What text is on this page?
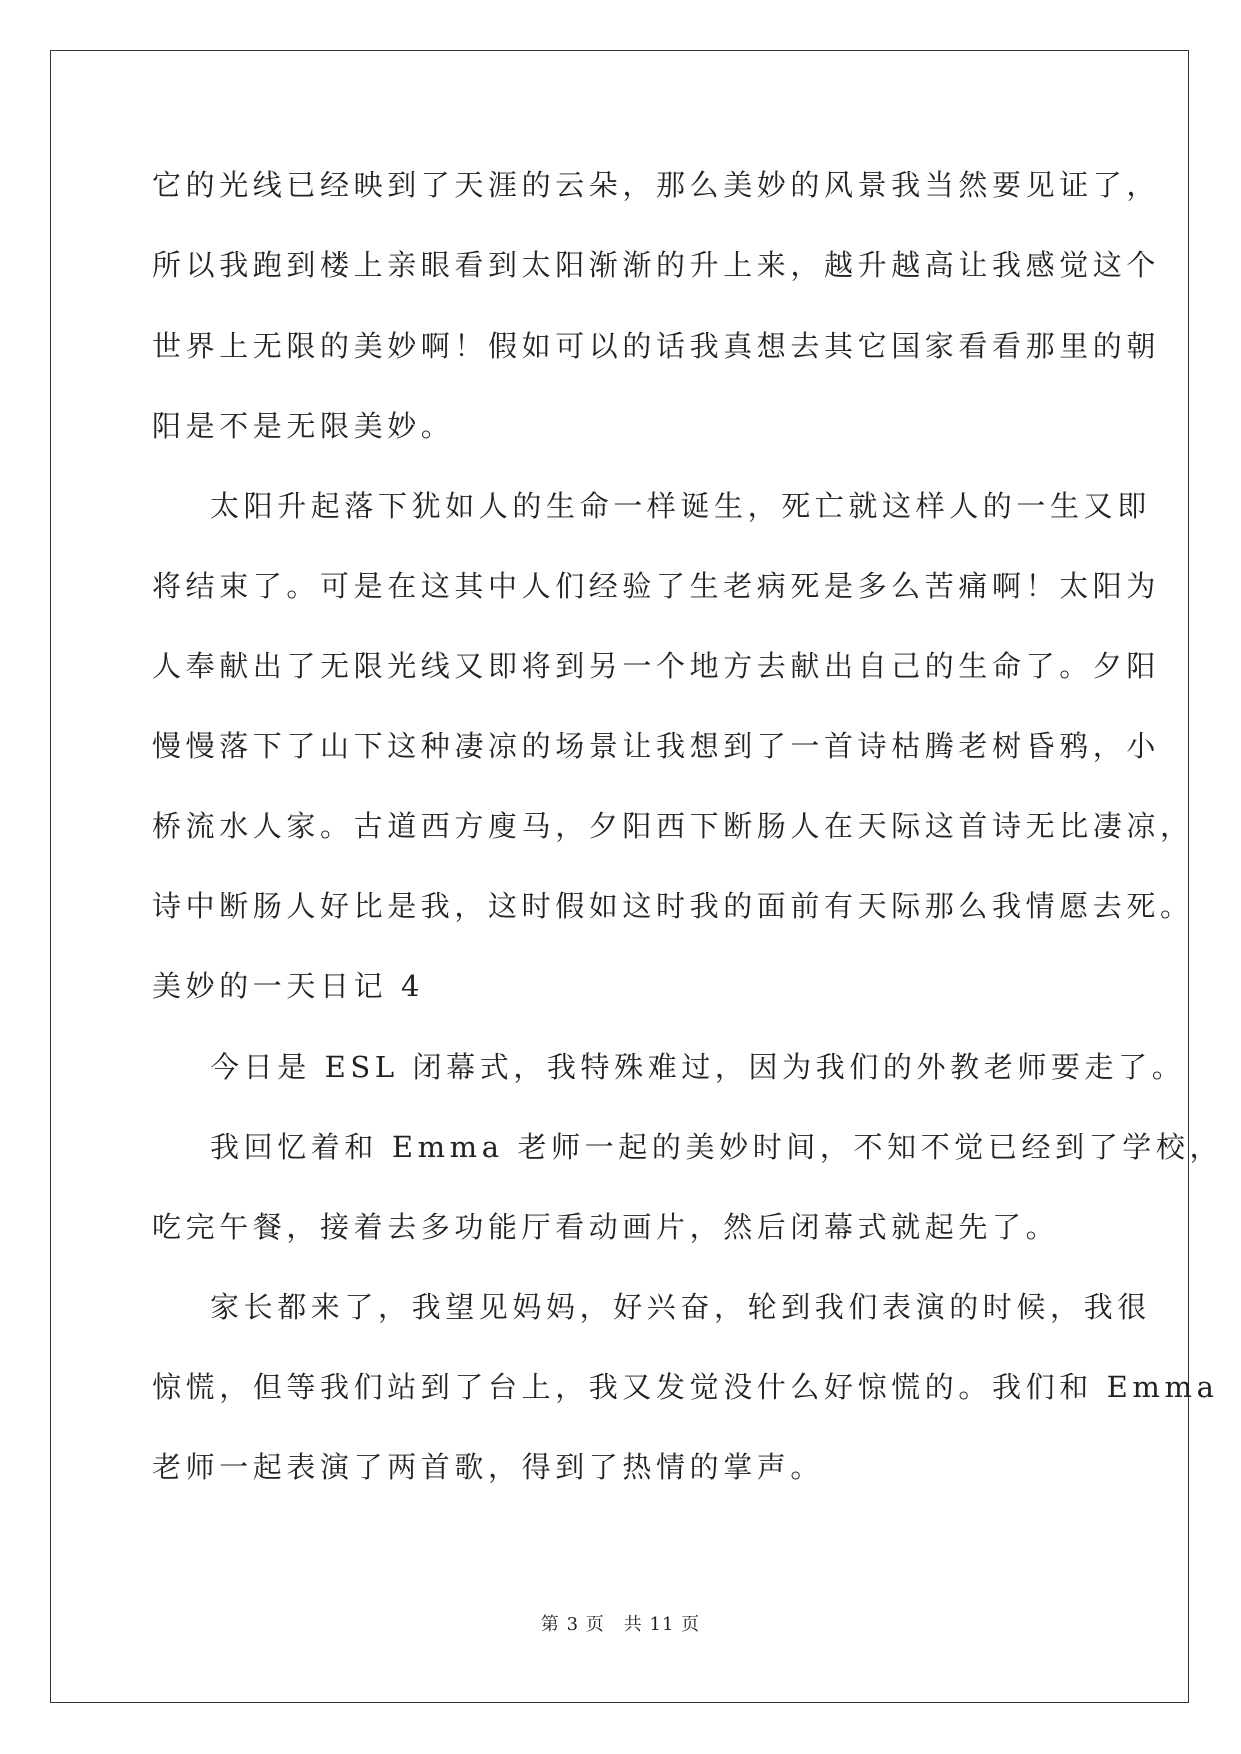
它的光线已经映到了天涯的云朵，那么美妙的风景我当然要见证了，
所以我跑到楼上亲眼看到太阳渐渐的升上来，越升越高让我感觉这个
世界上无限的美妙啊！假如可以的话我真想去其它国家看看那里的朝
阳是不是无限美妙。
太阳升起落下犹如人的生命一样诞生，死亡就这样人的一生又即
将结束了。可是在这其中人们经验了生老病死是多么苦痛啊！太阳为
人奉献出了无限光线又即将到另一个地方去献出自己的生命了。夕阳
慢慢落下了山下这种凄凉的场景让我想到了一首诗枯腾老树昏鸦，小
桥流水人家。古道西方廋马，夕阳西下断肠人在天际这首诗无比凄凉，
诗中断肠人好比是我，这时假如这时我的面前有天际那么我情愿去死。
美妙的一天日记 4
今日是 ESL 闭幕式，我特殊难过，因为我们的外教老师要走了。
我回忆着和 Emma 老师一起的美妙时间，不知不觉已经到了学校，
吃完午餐，接着去多功能厅看动画片，然后闭幕式就起先了。
家长都来了，我望见妈妈，好兴奋，轮到我们表演的时候，我很
惊慌，但等我们站到了台上，我又发觉没什么好惊慌的。我们和 Emma
老师一起表演了两首歌，得到了热情的掌声。
第 3 页　共 11 页
